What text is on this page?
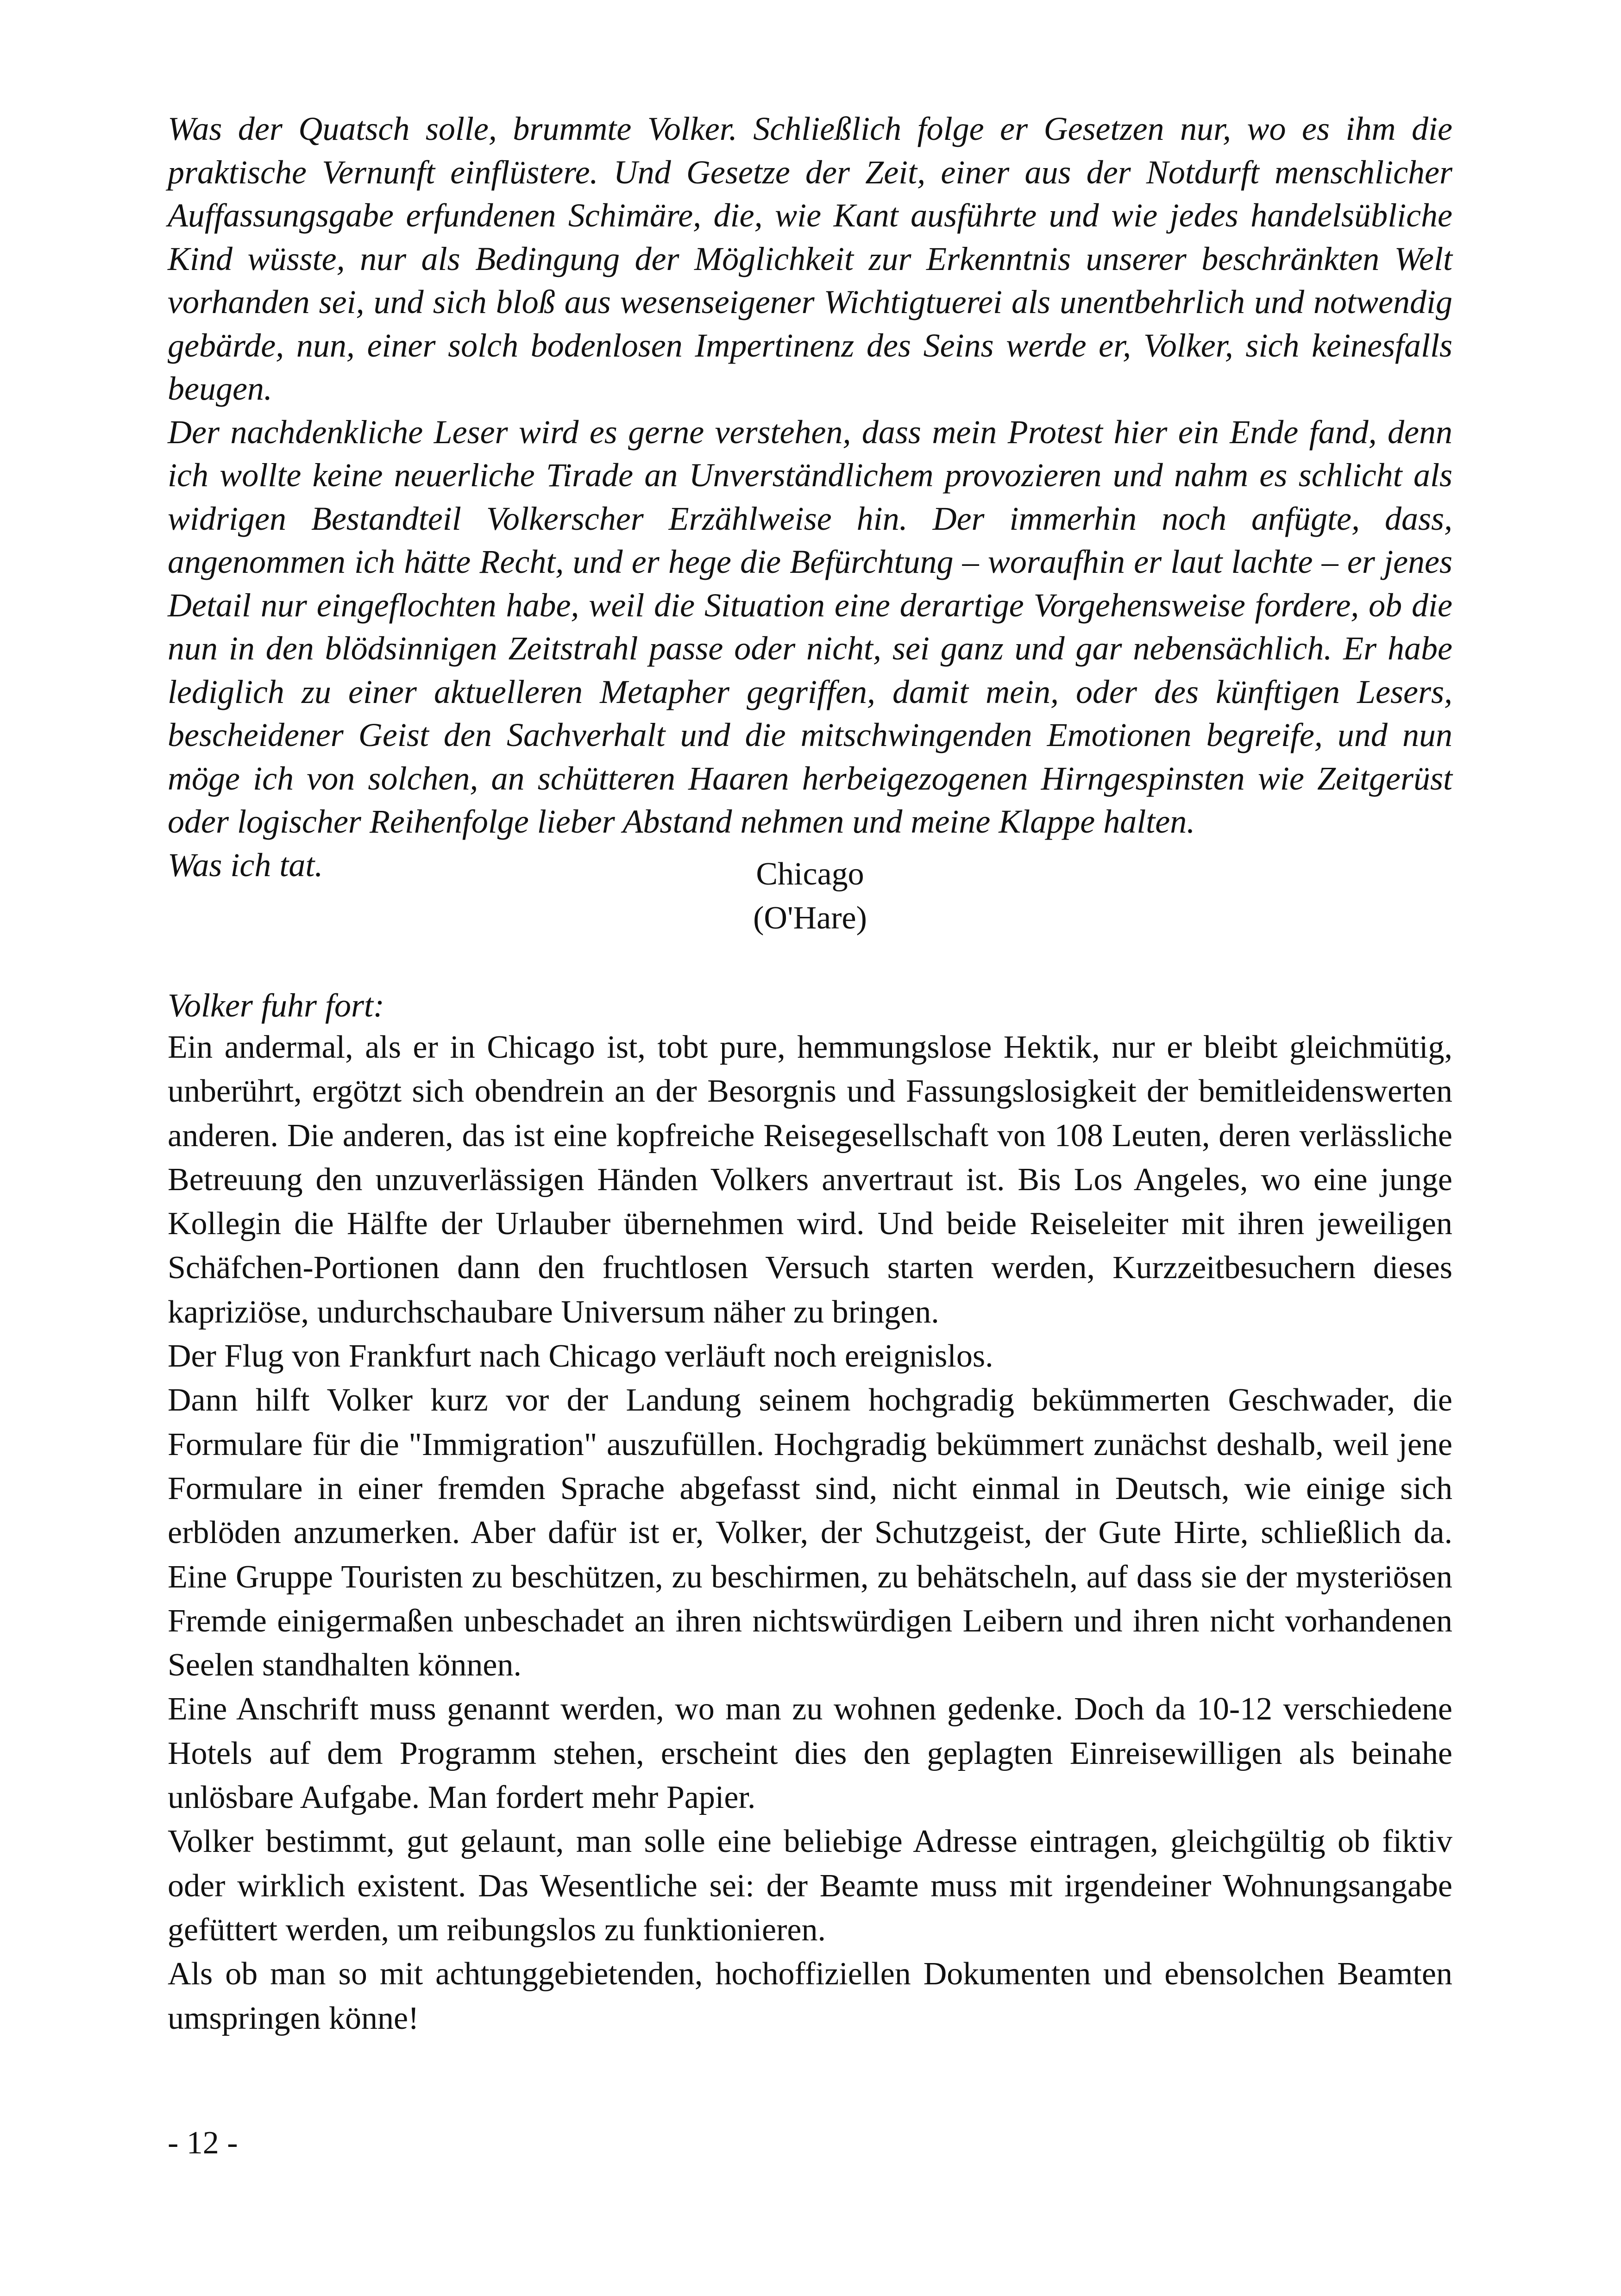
Was der Quatsch solle, brummte Volker. Schließlich folge er Gesetzen nur, wo es ihm die praktische Vernunft einflüstere. Und Gesetze der Zeit, einer aus der Notdurft menschlicher Auffassungsgabe erfundenen Schimäre, die, wie Kant ausführte und wie jedes handelsübliche Kind wüsste, nur als Bedingung der Möglichkeit zur Erkenntnis unserer beschränkten Welt vorhanden sei, und sich bloß aus wesenseigener Wichtigtuerei als unentbehrlich und notwendig gebärde, nun, einer solch bodenlosen Impertinenz des Seins werde er, Volker, sich keinesfalls beugen.

Der nachdenkliche Leser wird es gerne verstehen, dass mein Protest hier ein Ende fand, denn ich wollte keine neuerliche Tirade an Unverständlichem provozieren und nahm es schlicht als widrigen Bestandteil Volkerscher Erzählweise hin. Der immerhin noch anfügte, dass, angenommen ich hätte Recht, und er hege die Befürchtung – woraufhin er laut lachte – er jenes Detail nur eingeflochten habe, weil die Situation eine derartige Vorgehensweise fordere, ob die nun in den blödsinnigen Zeitstrahl passe oder nicht, sei ganz und gar nebensächlich. Er habe lediglich zu einer aktuelleren Metapher gegriffen, damit mein, oder des künftigen Lesers, bescheidener Geist den Sachverhalt und die mitschwingenden Emotionen begreife, und nun möge ich von solchen, an schütteren Haaren herbeigezogenen Hirngespinsten wie Zeitgerüst oder logischer Reihenfolge lieber Abstand nehmen und meine Klappe halten.

Was ich tat.	Chicago
(O'Hare)

Volker fuhr fort:

Ein andermal, als er in Chicago ist, tobt pure, hemmungslose Hektik, nur er bleibt gleichmütig, unberührt, ergötzt sich obendrein an der Besorgnis und Fassungslosigkeit der bemitleidenswerten anderen. Die anderen, das ist eine kopfreiche Reisegesellschaft von 108 Leuten, deren verlässliche Betreuung den unzuverlässigen Händen Volkers anvertraut ist. Bis Los Angeles, wo eine junge Kollegin die Hälfte der Urlauber übernehmen wird. Und beide Reiseleiter mit ihren jeweiligen Schäfchen-Portionen dann den fruchtlosen Versuch starten werden, Kurzzeitbesuchern dieses kapriziöse, undurchschaubare Universum näher zu bringen.

Der Flug von Frankfurt nach Chicago verläuft noch ereignislos.

Dann hilft Volker kurz vor der Landung seinem hochgradig bekümmerten Geschwader, die Formulare für die "Immigration" auszufüllen. Hochgradig bekümmert zunächst deshalb, weil jene Formulare in einer fremden Sprache abgefasst sind, nicht einmal in Deutsch, wie einige sich erblöden anzumerken. Aber dafür ist er, Volker, der Schutzgeist, der Gute Hirte, schließlich da. Eine Gruppe Touristen zu beschützen, zu beschirmen, zu behätscheln, auf dass sie der mysteriösen Fremde einigermaßen unbeschadet an ihren nichtswürdigen Leibern und ihren nicht vorhandenen Seelen standhalten können.

Eine Anschrift muss genannt werden, wo man zu wohnen gedenke. Doch da 10-12 verschiedene Hotels auf dem Programm stehen, erscheint dies den geplagten Einreisewilligen als beinahe unlösbare Aufgabe. Man fordert mehr Papier.

Volker bestimmt, gut gelaunt, man solle eine beliebige Adresse eintragen, gleichgültig ob fiktiv oder wirklich existent. Das Wesentliche sei: der Beamte muss mit irgendeiner Wohnungsangabe gefüttert werden, um reibungslos zu funktionieren.

Als ob man so mit achtunggebietenden, hochoffiziellen Dokumenten und ebensolchen Beamten umspringen könne!

- 12 -
